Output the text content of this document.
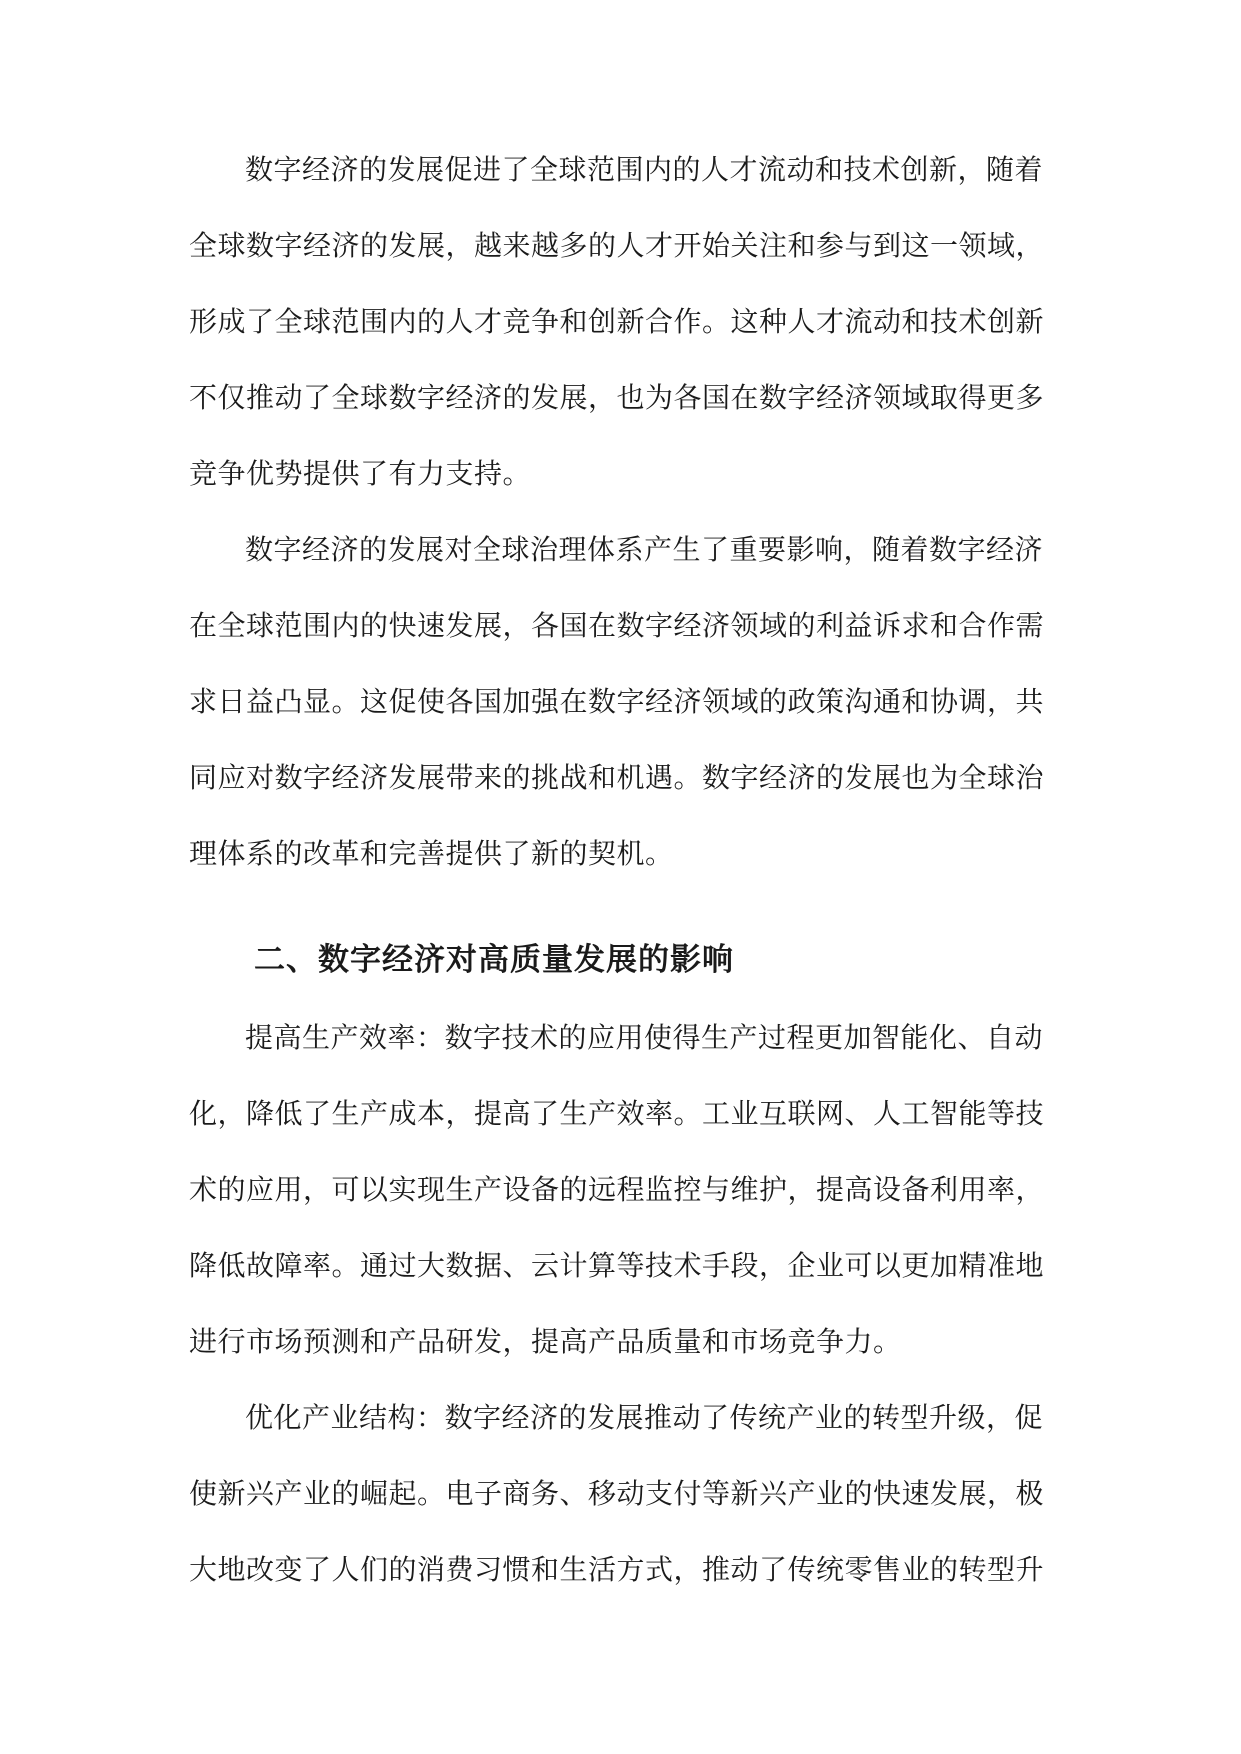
数字经济的发展促进了全球范围内的人才流动和技术创新，随着
全球数字经济的发展，越来越多的人才开始关注和参与到这一领域，
形成了全球范围内的人才竞争和创新合作。这种人才流动和技术创新
不仅推动了全球数字经济的发展，也为各国在数字经济领域取得更多
竞争优势提供了有力支持。
数字经济的发展对全球治理体系产生了重要影响，随着数字经济
在全球范围内的快速发展，各国在数字经济领域的利益诉求和合作需
求日益凸显。这促使各国加强在数字经济领域的政策沟通和协调，共
同应对数字经济发展带来的挑战和机遇。数字经济的发展也为全球治
理体系的改革和完善提供了新的契机。
二、数字经济对高质量发展的影响
提高生产效率：数字技术的应用使得生产过程更加智能化、自动
化，降低了生产成本，提高了生产效率。工业互联网、人工智能等技
术的应用，可以实现生产设备的远程监控与维护，提高设备利用率，
降低故障率。通过大数据、云计算等技术手段，企业可以更加精准地
进行市场预测和产品研发，提高产品质量和市场竞争力。
优化产业结构：数字经济的发展推动了传统产业的转型升级，促
使新兴产业的崛起。电子商务、移动支付等新兴产业的快速发展，极
大地改变了人们的消费习惯和生活方式，推动了传统零售业的转型升
